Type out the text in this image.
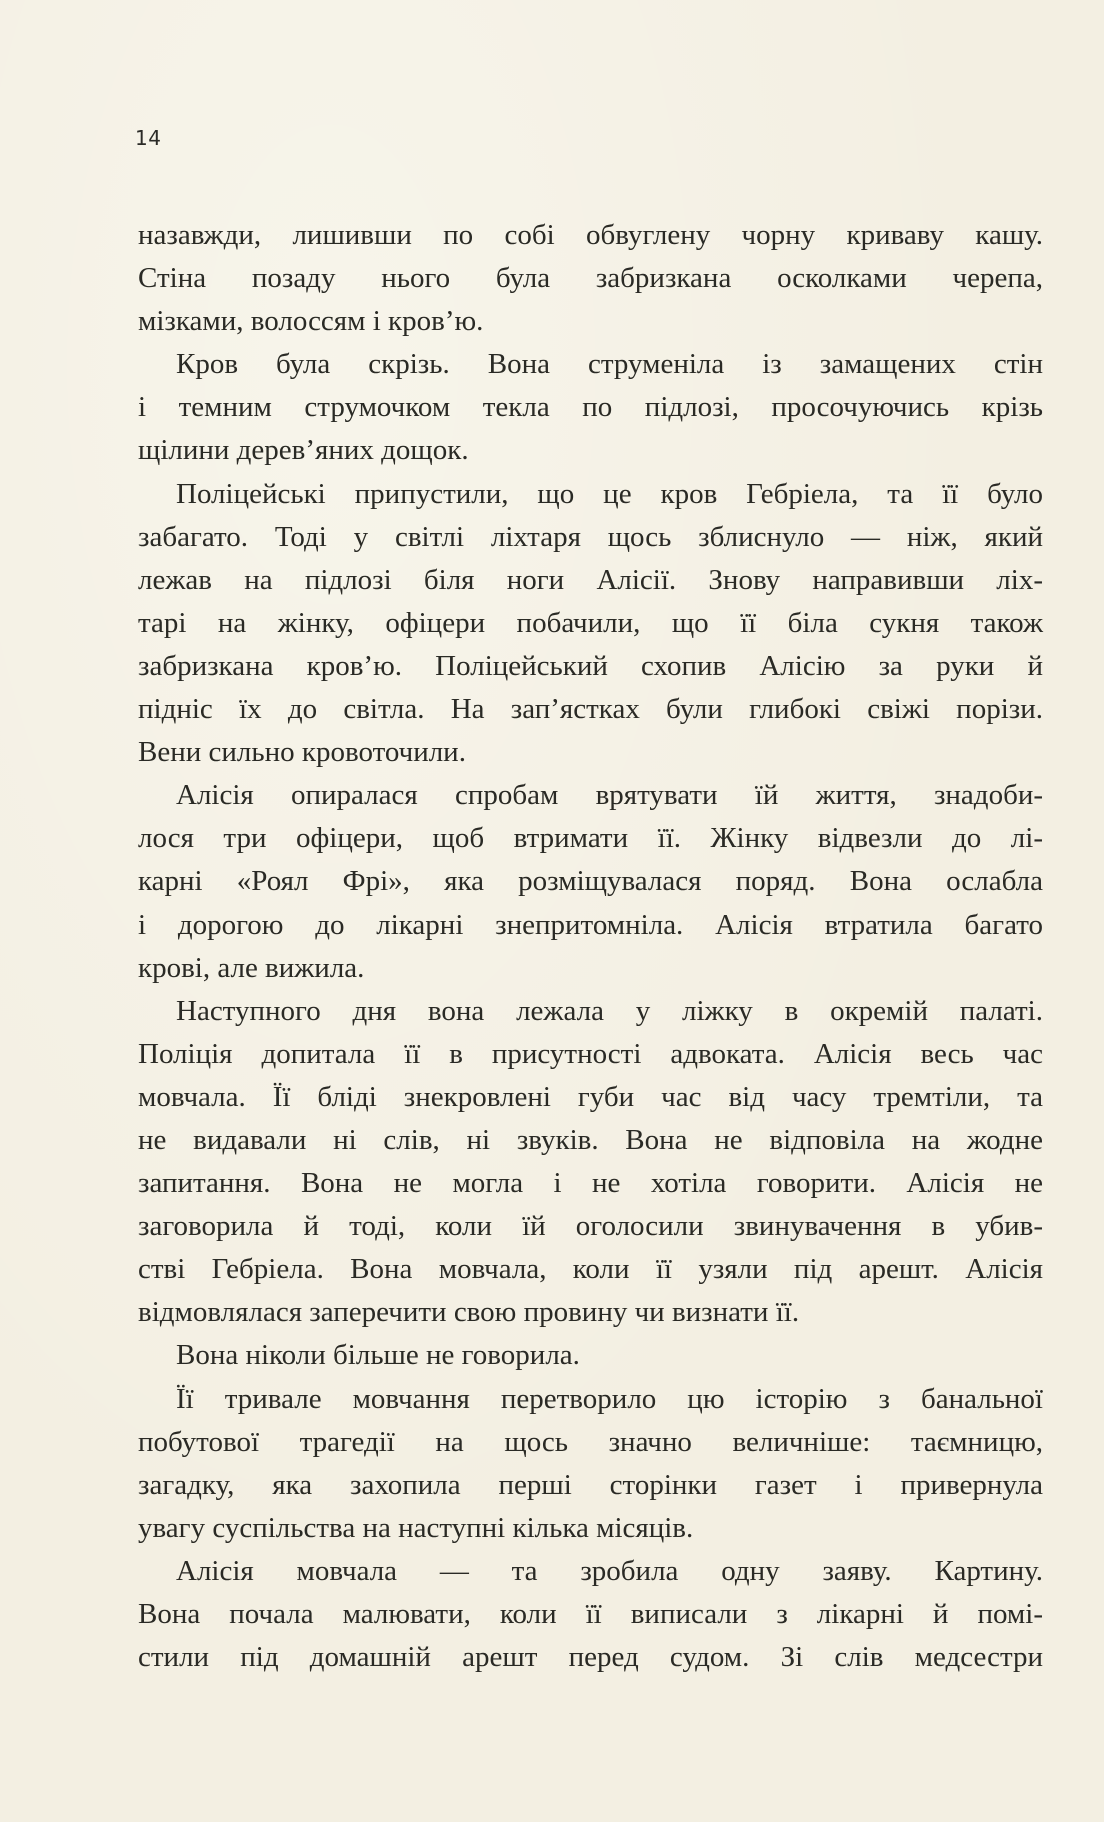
14
назавжди, лишивши по собі обвуглену чорну криваву кашу.
Стіна позаду нього була забризкана осколками черепа,
мізками, волоссям і кров’ю.
Кров була скрізь. Вона струменіла із замащених стін
і темним струмочком текла по підлозі, просочуючись крізь
щілини дерев’яних дощок.
Поліцейські припустили, що це кров Гебріела, та її було
забагато. Тоді у світлі ліхтаря щось зблиснуло — ніж, який
лежав на підлозі біля ноги Алісії. Знову направивши ліх-
тарі на жінку, офіцери побачили, що її біла сукня також
забризкана кров’ю. Поліцейський схопив Алісію за руки й
підніс їх до світла. На зап’ястках були глибокі свіжі порізи.
Вени сильно кровоточили.
Алісія опиралася спробам врятувати їй життя, знадоби-
лося три офіцери, щоб втримати її. Жінку відвезли до лі-
карні «Роял Фрі», яка розміщувалася поряд. Вона ослабла
і дорогою до лікарні знепритомніла. Алісія втратила багато
крові, але вижила.
Наступного дня вона лежала у ліжку в окремій палаті.
Поліція допитала її в присутності адвоката. Алісія весь час
мовчала. Її бліді знекровлені губи час від часу тремтіли, та
не видавали ні слів, ні звуків. Вона не відповіла на жодне
запитання. Вона не могла і не хотіла говорити. Алісія не
заговорила й тоді, коли їй оголосили звинувачення в убив-
стві Гебріела. Вона мовчала, коли її узяли під арешт. Алісія
відмовлялася заперечити свою провину чи визнати її.
Вона ніколи більше не говорила.
Її тривале мовчання перетворило цю історію з банальної
побутової трагедії на щось значно величніше: таємницю,
загадку, яка захопила перші сторінки газет і привернула
увагу суспільства на наступні кілька місяців.
Алісія мовчала — та зробила одну заяву. Картину.
Вона почала малювати, коли її виписали з лікарні й помі-
стили під домашній арешт перед судом. Зі слів медсестри
